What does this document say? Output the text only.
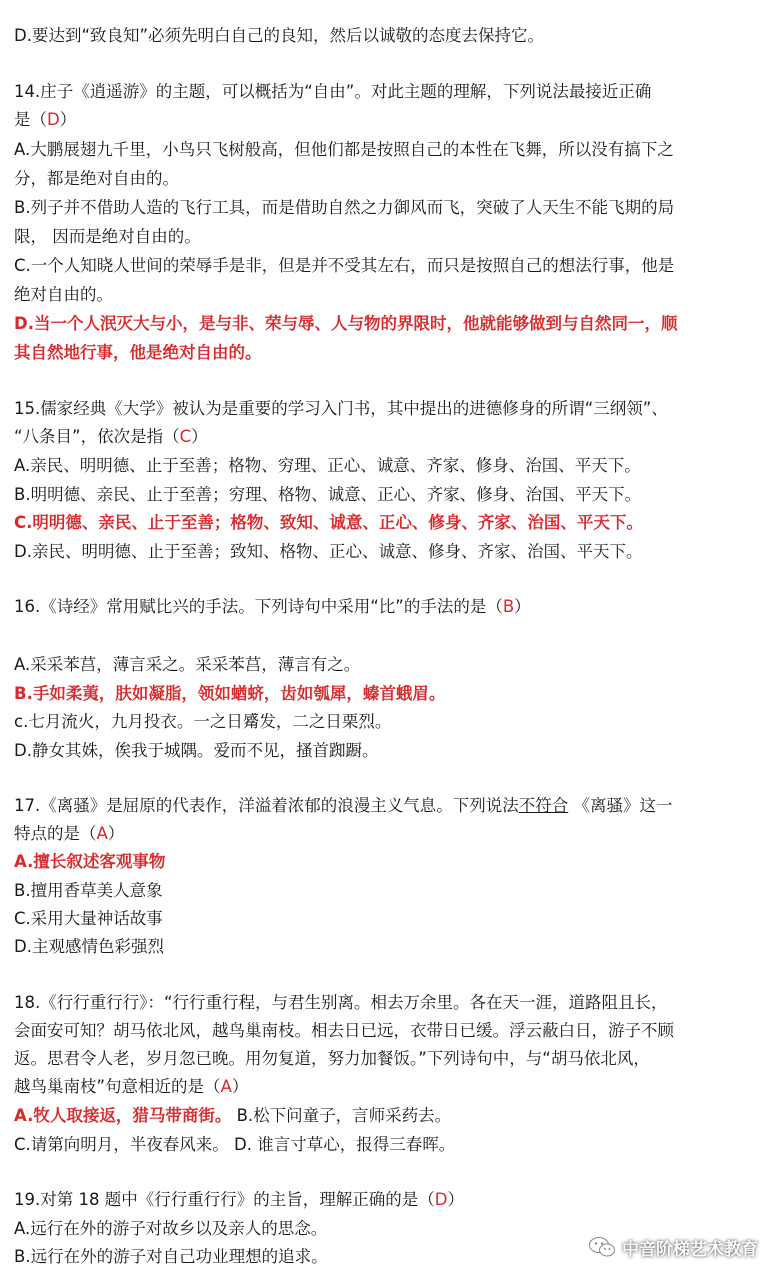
D.要达到“致良知”必须先明白自己的良知，然后以诚敬的态度去保持它。
14.庄子《逍遥游》的主题，可以概括为“自由”。对此主题的理解，下列说法最接近正确
是（D）
A.大鹏展翅九千里，小鸟只飞树般高，但他们都是按照自己的本性在飞舞，所以没有搞下之
分，都是绝对自由的。
B.列子并不借助人造的飞行工具，而是借助自然之力御风而飞，突破了人天生不能飞期的局
限， 因而是绝对自由的。
C.一个人知晓人世间的荣辱手是非，但是并不受其左右，而只是按照自己的想法行事，他是
绝对自由的。
D.当一个人泯灭大与小，是与非、荣与辱、人与物的界限时，他就能够做到与自然同一，顺
其自然地行事，他是绝对自由的。
15.儒家经典《大学》被认为是重要的学习入门书，其中提出的进德修身的所谓“三纲领”、
“八条目”，依次是指（C）
A.亲民、明明德、止于至善；格物、穷理、正心、诚意、齐家、修身、治国、平天下。
B.明明德、亲民、止于至善；穷理、格物、诚意、正心、齐家、修身、治国、平天下。
C.明明德、亲民、止于至善；格物、致知、诚意、正心、修身、齐家、治国、平天下。
D.亲民、明明德、止于至善；致知、格物、正心、诚意、修身、齐家、治国、平天下。
16.《诗经》常用赋比兴的手法。下列诗句中采用“比”的手法的是（B）
A.采采苯莒，薄言采之。采采苯莒，薄言有之。
B.手如柔荑，肤如凝脂，领如蝤蛴，齿如瓠犀，螓首蛾眉。
c.七月流火，九月投衣。一之日觱发，二之日栗烈。
D.静女其姝，俟我于城隅。爱而不见，搔首踟蹰。
17.《离骚》是屈原的代表作，洋溢着浓郁的浪漫主义气息。下列说法不符合 《离骚》这一
特点的是（A）
A.擅长叙述客观事物
B.擅用香草美人意象
C.采用大量神话故事
D.主观感情色彩强烈
18.《行行重行行》：“行行重行程，与君生别离。相去万余里。各在天一涯，道路阻且长，
会面安可知？胡马依北风，越鸟巢南枝。相去日已远，衣带日已缓。浮云蔽白日，游子不顾
返。思君令人老，岁月忽已晚。用勿复道，努力加餐饭。”下列诗句中，与“胡马依北风，
越鸟巢南枝”句意相近的是（A）
A.牧人取接返，猎马带商街。 B.松下问童子，言师采药去。
C.请第向明月，半夜春风来。 D. 谁言寸草心，报得三春晖。
19.对第 18 题中《行行重行行》的主旨，理解正确的是（D）
A.远行在外的游子对故乡以及亲人的思念。
B.远行在外的游子对自己功业理想的追求。	中音阶梯艺术教育
